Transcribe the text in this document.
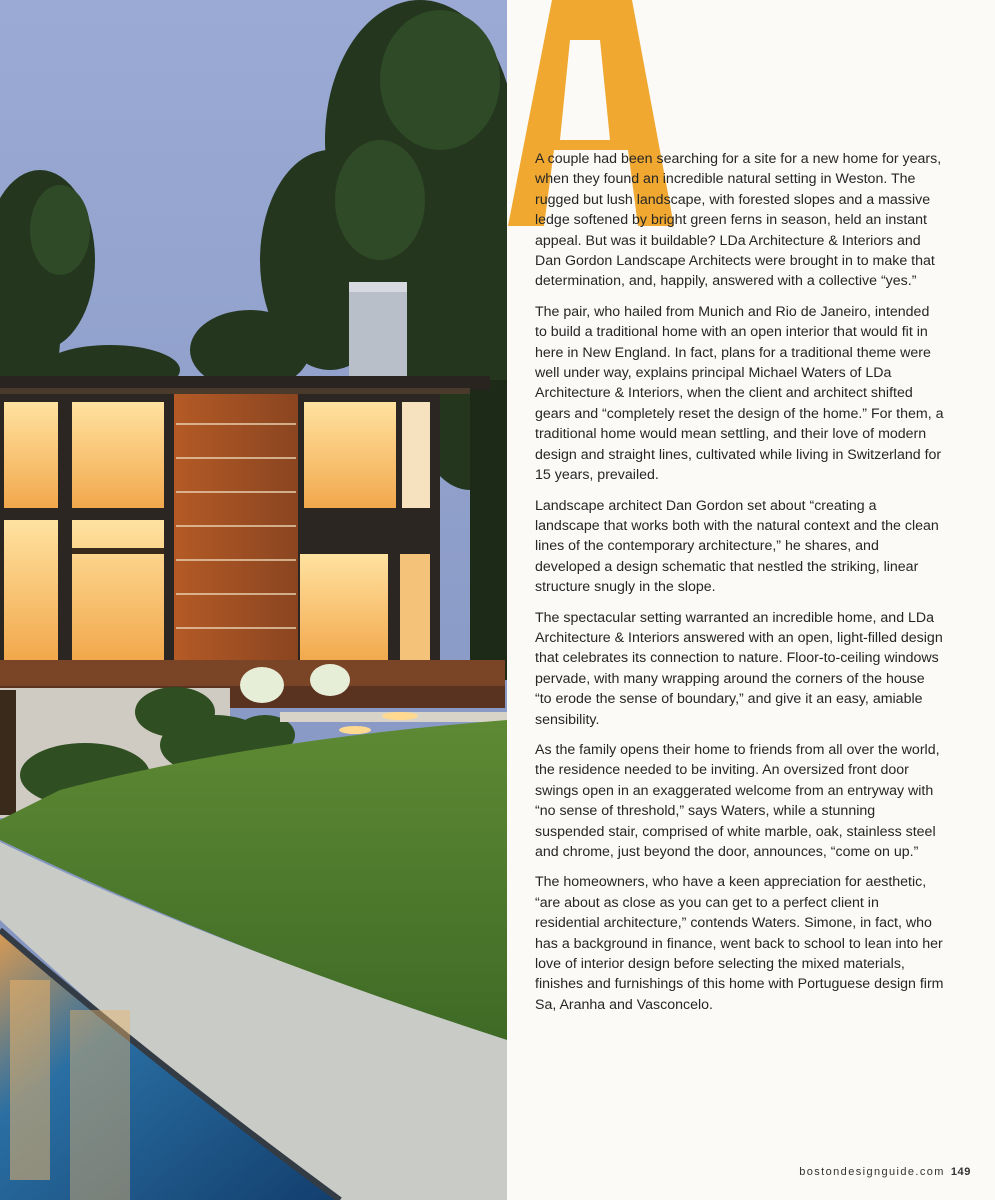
A couple had been searching for a site for a new home for years, when they found an incredible natural setting in Weston. The rugged but lush landscape, with forested slopes and a massive ledge softened by bright green ferns in season, held an instant appeal. But was it buildable? LDa Architecture & Interiors and Dan Gordon Landscape Architects were brought in to make that determination, and, happily, answered with a collective “yes.”

The pair, who hailed from Munich and Rio de Janeiro, intended to build a traditional home with an open interior that would fit in here in New England. In fact, plans for a traditional theme were well under way, explains principal Michael Waters of LDa Architecture & Interiors, when the client and architect shifted gears and “completely reset the design of the home.” For them, a traditional home would mean settling, and their love of modern design and straight lines, cultivated while living in Switzerland for 15 years, prevailed.

Landscape architect Dan Gordon set about “creating a landscape that works both with the natural context and the clean lines of the contemporary architecture,” he shares, and developed a design schematic that nestled the striking, linear structure snugly in the slope.

The spectacular setting warranted an incredible home, and LDa Architecture & Interiors answered with an open, light-filled design that celebrates its connection to nature. Floor-to-ceiling windows pervade, with many wrapping around the corners of the house “to erode the sense of boundary,” and give it an easy, amiable sensibility.

As the family opens their home to friends from all over the world, the residence needed to be inviting. An oversized front door swings open in an exaggerated welcome from an entryway with “no sense of threshold,” says Waters, while a stunning suspended stair, comprised of white marble, oak, stainless steel and chrome, just beyond the door, announces, “come on up.”

The homeowners, who have a keen appreciation for aesthetic, “are about as close as you can get to a perfect client in residential architecture,” contends Waters. Simone, in fact, who has a background in finance, went back to school to lean into her love of interior design before selecting the mixed materials, finishes and furnishings of this home with Portuguese design firm Sa, Aranha and Vasconcelo.

bostondesignguide.com 149
